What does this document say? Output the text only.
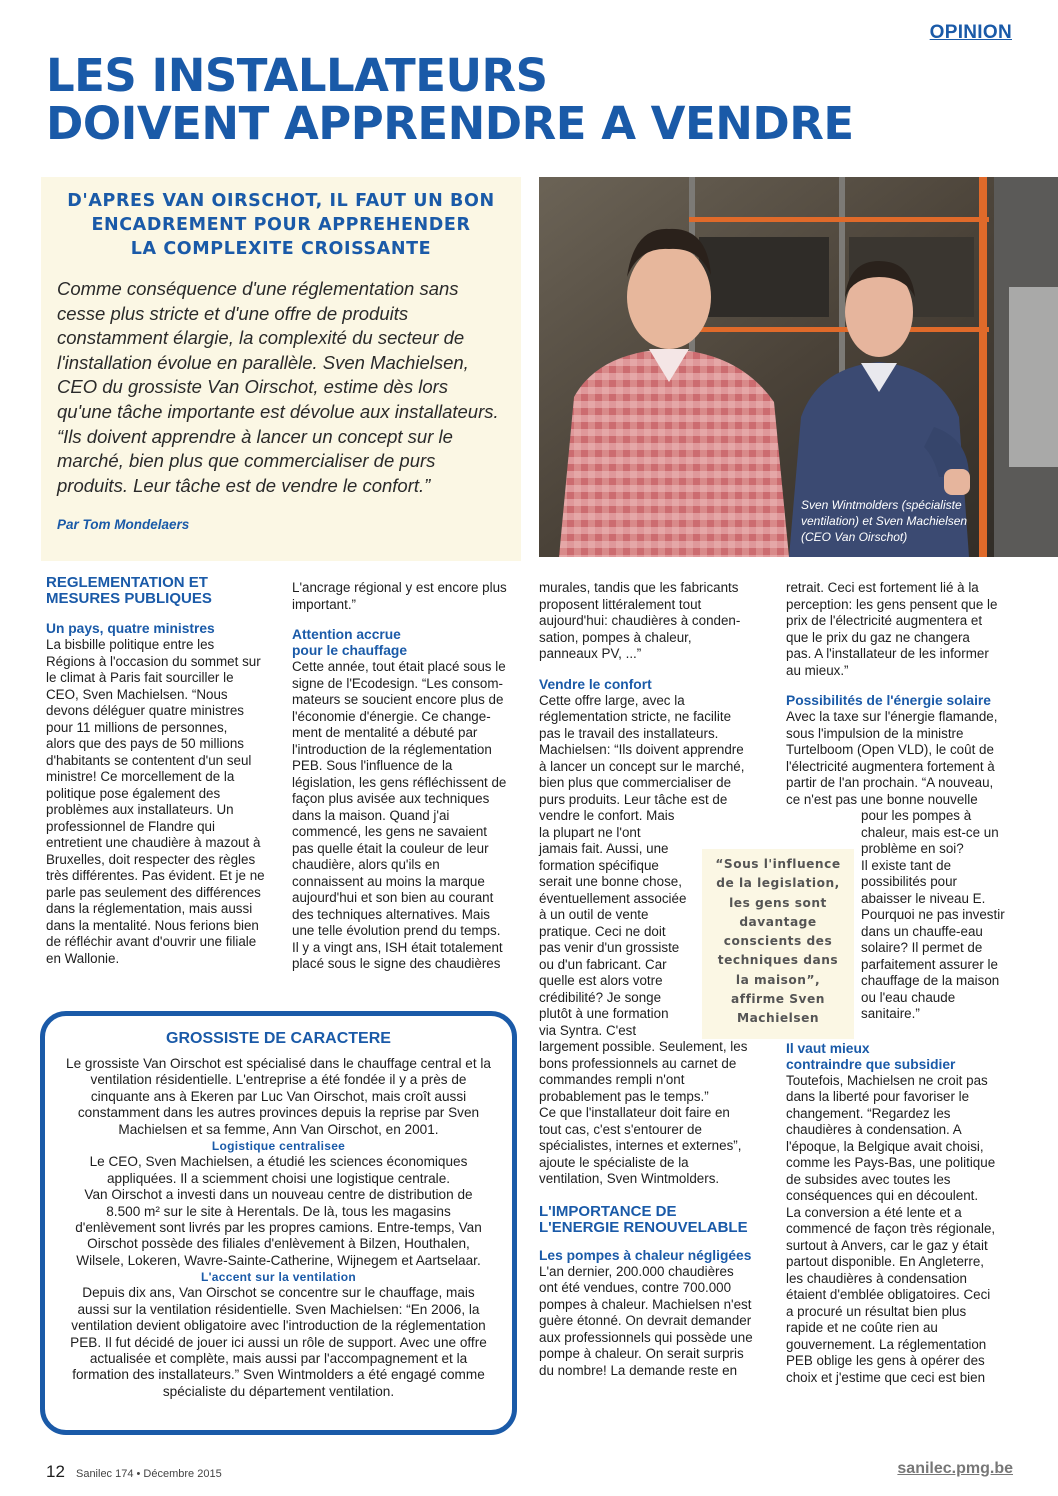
OPINION
LES INSTALLATEURS
DOIVENT APPRENDRE A VENDRE
D'APRES VAN OIRSCHOT, IL FAUT UN BON
ENCADREMENT POUR APPREHENDER
LA COMPLEXITE CROISSANTE
Comme conséquence d'une réglementation sans
cesse plus stricte et d'une offre de produits
constamment élargie, la complexité du secteur de
l'installation évolue en parallèle. Sven Machielsen,
CEO du grossiste Van Oirschot, estime dès lors
qu'une tâche importante est dévolue aux installateurs.
“Ils doivent apprendre à lancer un concept sur le
marché, bien plus que commercialiser de purs
produits. Leur tâche est de vendre le confort.”
Par Tom Mondelaers
Sven Wintmolders (spécialiste
ventilation) et Sven Machielsen
(CEO Van Oirschot)
REGLEMENTATION ET
MESURES PUBLIQUES
Un pays, quatre ministres
La bisbille politique entre les
Régions à l'occasion du sommet sur
le climat à Paris fait sourciller le
CEO, Sven Machielsen. “Nous
devons déléguer quatre ministres
pour 11 millions de personnes,
alors que des pays de 50 millions
d'habitants se contentent d'un seul
ministre! Ce morcellement de la
politique pose également des
problèmes aux installateurs. Un
professionnel de Flandre qui
entretient une chaudière à mazout à
Bruxelles, doit respecter des règles
très différentes. Pas évident. Et je ne
parle pas seulement des différences
dans la réglementation, mais aussi
dans la mentalité. Nous ferions bien
de réfléchir avant d'ouvrir une filiale
en Wallonie.
L'ancrage régional y est encore plus
important.”
Attention accrue
pour le chauffage
Cette année, tout était placé sous le
signe de l'Ecodesign. “Les consom-
mateurs se soucient encore plus de
l'économie d'énergie. Ce change-
ment de mentalité a débuté par
l'introduction de la réglementation
PEB. Sous l'influence de la
législation, les gens réfléchissent de
façon plus avisée aux techniques
dans la maison. Quand j'ai
commencé, les gens ne savaient
pas quelle était la couleur de leur
chaudière, alors qu'ils en
connaissent au moins la marque
aujourd'hui et son bien au courant
des techniques alternatives. Mais
une telle évolution prend du temps.
Il y a vingt ans, ISH était totalement
placé sous le signe des chaudières
murales, tandis que les fabricants
proposent littéralement tout
aujourd'hui: chaudières à conden-
sation, pompes à chaleur,
panneaux PV, ...”
Vendre le confort
Cette offre large, avec la
réglementation stricte, ne facilite
pas le travail des installateurs.
Machielsen: “Ils doivent apprendre
à lancer un concept sur le marché,
bien plus que commercialiser de
purs produits. Leur tâche est de
vendre le confort. Mais
la plupart ne l'ont
jamais fait. Aussi, une
formation spécifique
serait une bonne chose,
éventuellement associée
à un outil de vente
pratique. Ceci ne doit
pas venir d'un grossiste
ou d'un fabricant. Car
quelle est alors votre
crédibilité? Je songe
plutôt à une formation
via Syntra. C'est
largement possible. Seulement, les
bons professionnels au carnet de
commandes rempli n'ont
probablement pas le temps.”
Ce que l'installateur doit faire en
tout cas, c'est s'entourer de
spécialistes, internes et externes”,
ajoute le spécialiste de la
ventilation, Sven Wintmolders.
L'IMPORTANCE DE
L'ENERGIE RENOUVELABLE
Les pompes à chaleur négligées
L'an dernier, 200.000 chaudières
ont été vendues, contre 700.000
pompes à chaleur. Machielsen n'est
guère étonné. On devrait demander
aux professionnels qui possède une
pompe à chaleur. On serait surpris
du nombre! La demande reste en
retrait. Ceci est fortement lié à la
perception: les gens pensent que le
prix de l'électricité augmentera et
que le prix du gaz ne changera
pas. A l'installateur de les informer
au mieux.”
Possibilités de l'énergie solaire
Avec la taxe sur l'énergie flamande,
sous l'impulsion de la ministre
Turtelboom (Open VLD), le coût de
l'électricité augmentera fortement à
partir de l'an prochain. “A nouveau,
ce n'est pas une bonne nouvelle
pour les pompes à
chaleur, mais est-ce un
problème en soi?
Il existe tant de
possibilités pour
abaisser le niveau E.
Pourquoi ne pas investir
dans un chauffe-eau
solaire? Il permet de
parfaitement assurer le
chauffage de la maison
ou l'eau chaude
sanitaire.”
Il vaut mieux
contraindre que subsidier
Toutefois, Machielsen ne croit pas
dans la liberté pour favoriser le
changement. “Regardez les
chaudières à condensation. A
l'époque, la Belgique avait choisi,
comme les Pays-Bas, une politique
de subsides avec toutes les
conséquences qui en découlent.
La conversion a été lente et a
commencé de façon très régionale,
surtout à Anvers, car le gaz y était
partout disponible. En Angleterre,
les chaudières à condensation
étaient d'emblée obligatoires. Ceci
a procuré un résultat bien plus
rapide et ne coûte rien au
gouvernement. La réglementation
PEB oblige les gens à opérer des
choix et j'estime que ceci est bien
“Sous l'influence
de la legislation,
les gens sont
davantage
conscients des
techniques dans
la maison”,
affirme Sven
Machielsen
GROSSISTE DE CARACTERE
Le grossiste Van Oirschot est spécialisé dans le chauffage central et la
ventilation résidentielle. L'entreprise a été fondée il y a près de
cinquante ans à Ekeren par Luc Van Oirschot, mais croît aussi
constamment dans les autres provinces depuis la reprise par Sven
Machielsen et sa femme, Ann Van Oirschot, en 2001.
Logistique centralisee
Le CEO, Sven Machielsen, a étudié les sciences économiques
appliquées. Il a sciemment choisi une logistique centrale.
Van Oirschot a investi dans un nouveau centre de distribution de
8.500 m² sur le site à Herentals. De là, tous les magasins
d'enlèvement sont livrés par les propres camions. Entre-temps, Van
Oirschot possède des filiales d'enlèvement à Bilzen, Houthalen,
Wilsele, Lokeren, Wavre-Sainte-Catherine, Wijnegem et Aartselaar.
L'accent sur la ventilation
Depuis dix ans, Van Oirschot se concentre sur le chauffage, mais
aussi sur la ventilation résidentielle. Sven Machielsen: “En 2006, la
ventilation devient obligatoire avec l'introduction de la réglementation
PEB. Il fut décidé de jouer ici aussi un rôle de support. Avec une offre
actualisée et complète, mais aussi par l'accompagnement et la
formation des installateurs.” Sven Wintmolders a été engagé comme
spécialiste du département ventilation.
12 Sanilec 174 • Décembre 2015	sanilec.pmg.be
